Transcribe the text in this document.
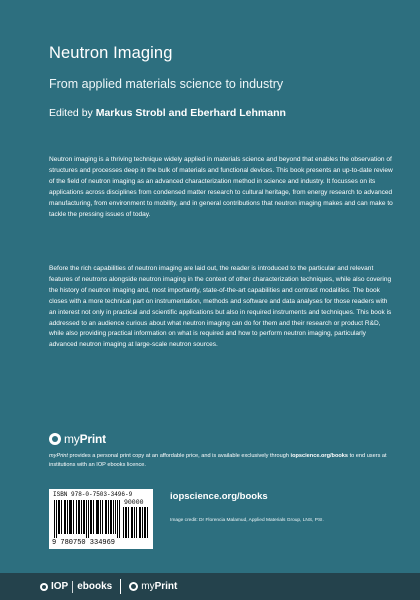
Neutron Imaging
From applied materials science to industry
Edited by Markus Strobl and Eberhard Lehmann

Neutron imaging is a thriving technique widely applied in materials science and beyond that enables the observation of structures and processes deep in the bulk of materials and functional devices. This book presents an up-to-date review of the field of neutron imaging as an advanced characterization method in science and industry. It focusses on its applications across disciplines from condensed matter research to cultural heritage, from energy research to advanced manufacturing, from environment to mobility, and in general contributions that neutron imaging makes and can make to tackle the pressing issues of today.

Before the rich capabilities of neutron imaging are laid out, the reader is introduced to the particular and relevant features of neutrons alongside neutron imaging in the context of other characterization techniques, while also covering the history of neutron imaging and, most importantly, state-of-the-art capabilities and contrast modalities. The book closes with a more technical part on instrumentation, methods and software and data analyses for those readers with an interest not only in practical and scientific applications but also in required instruments and techniques. This book is addressed to an audience curious about what neutron imaging can do for them and their research or product R&D, while also providing practical information on what is required and how to perform neutron imaging, particularly advanced neutron imaging at large-scale neutron sources.

myPrint

myPrint provides a personal print copy at an affordable price, and is available exclusively through iopscience.org/books to end users at institutions with an IOP ebooks licence.

ISBN 978-0-7503-3496-9
90000
9 780750 334969
iopscience.org/books
Image credit: Dr Florencia Malamud, Applied Materials Group, LNS, PSI.
IOP ebooks	myPrint
